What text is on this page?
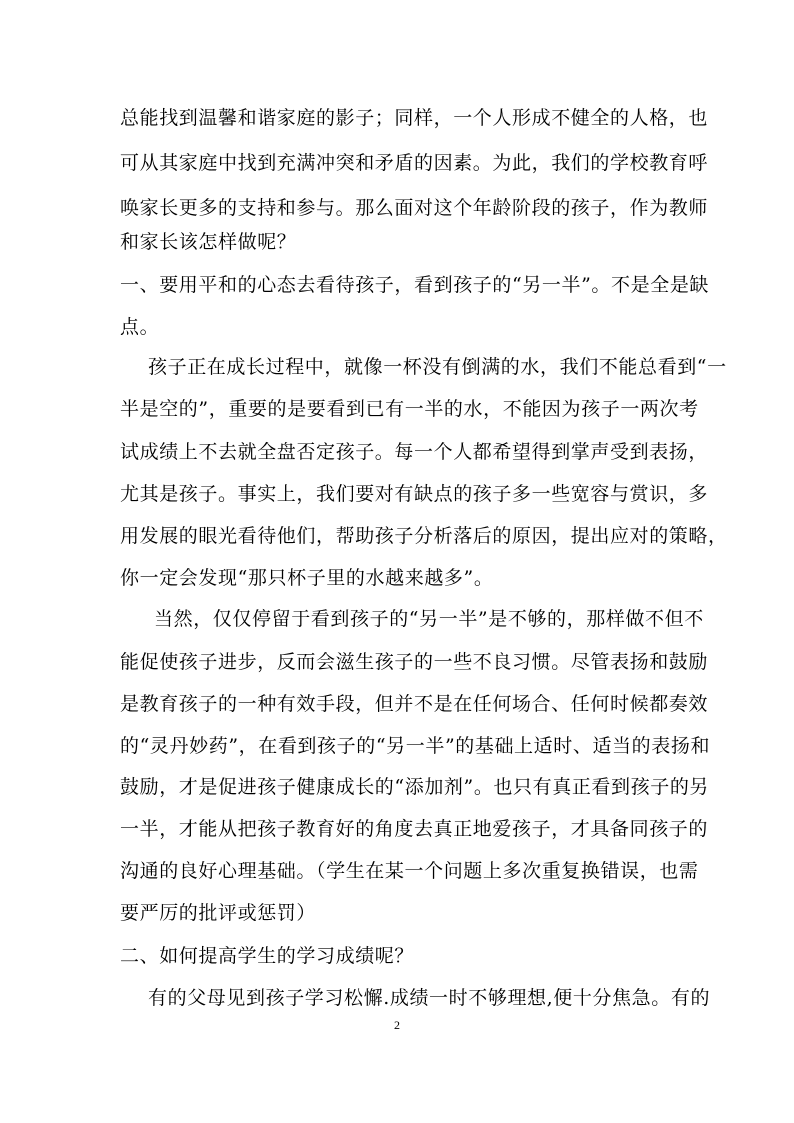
总能找到温馨和谐家庭的影子；同样，一个人形成不健全的人格，也

可从其家庭中找到充满冲突和矛盾的因素。为此，我们的学校教育呼

唤家长更多的支持和参与。那么面对这个年龄阶段的孩子，作为教师

和家长该怎样做呢？

一、要用平和的心态去看待孩子，看到孩子的“另一半”。不是全是缺

点。

孩子正在成长过程中，就像一杯没有倒满的水，我们不能总看到“一

半是空的”，重要的是要看到已有一半的水，不能因为孩子一两次考

试成绩上不去就全盘否定孩子。每一个人都希望得到掌声受到表扬，

尤其是孩子。事实上，我们要对有缺点的孩子多一些宽容与赏识，多

用发展的眼光看待他们，帮助孩子分析落后的原因，提出应对的策略，

你一定会发现“那只杯子里的水越来越多”。

当然，仅仅停留于看到孩子的“另一半”是不够的，那样做不但不

能促使孩子进步，反而会滋生孩子的一些不良习惯。尽管表扬和鼓励

是教育孩子的一种有效手段，但并不是在任何场合、任何时候都奏效

的“灵丹妙药”，在看到孩子的“另一半”的基础上适时、适当的表扬和

鼓励，才是促进孩子健康成长的“添加剂”。也只有真正看到孩子的另

一半，才能从把孩子教育好的角度去真正地爱孩子，才具备同孩子的

沟通的良好心理基础。（学生在某一个问题上多次重复换错误，也需

要严厉的批评或惩罚）

二、如何提高学生的学习成绩呢？

有的父母见到孩子学习松懈.成绩一时不够理想,便十分焦急。有的

2
